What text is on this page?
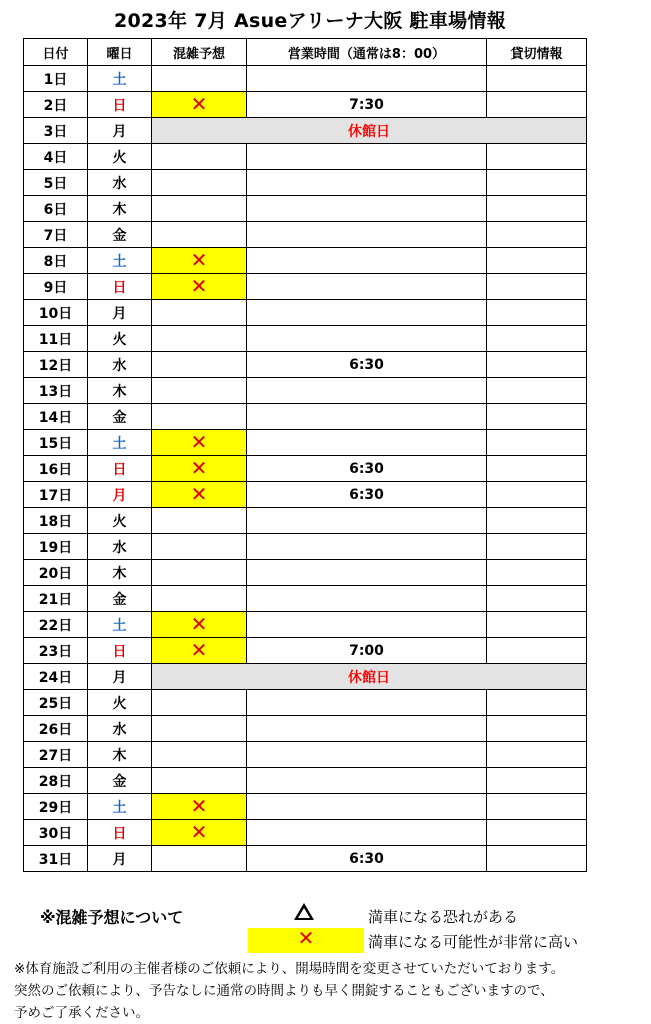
2023年 7月 Asueアリーナ大阪 駐車場情報
日付	曜日	混雑予想	営業時間（通常は8：00）	貸切情報
1日	土			
2日	日	✕	7:30	
3日	月	休館日		
4日	火			
5日	水			
6日	木			
7日	金			
8日	土	✕		
9日	日	✕		
10日	月			
11日	火			
12日	水		6:30	
13日	木			
14日	金			
15日	土	✕		
16日	日	✕	6:30	
17日	月	✕	6:30	
18日	火			
19日	水			
20日	木			
21日	金			
22日	土	✕		
23日	日	✕	7:00	
24日	月	休館日		
25日	火			
26日	水			
27日	木			
28日	金			
29日	土	✕		
30日	日	✕		
31日	月		6:30	
※混雑予想について	満車になる恐れがある
✕	満車になる可能性が非常に高い
※体育施設ご利用の主催者様のご依頼により、開場時間を変更させていただいております。
突然のご依頼により、予告なしに通常の時間よりも早く開錠することもございますので、
予めご了承ください。
